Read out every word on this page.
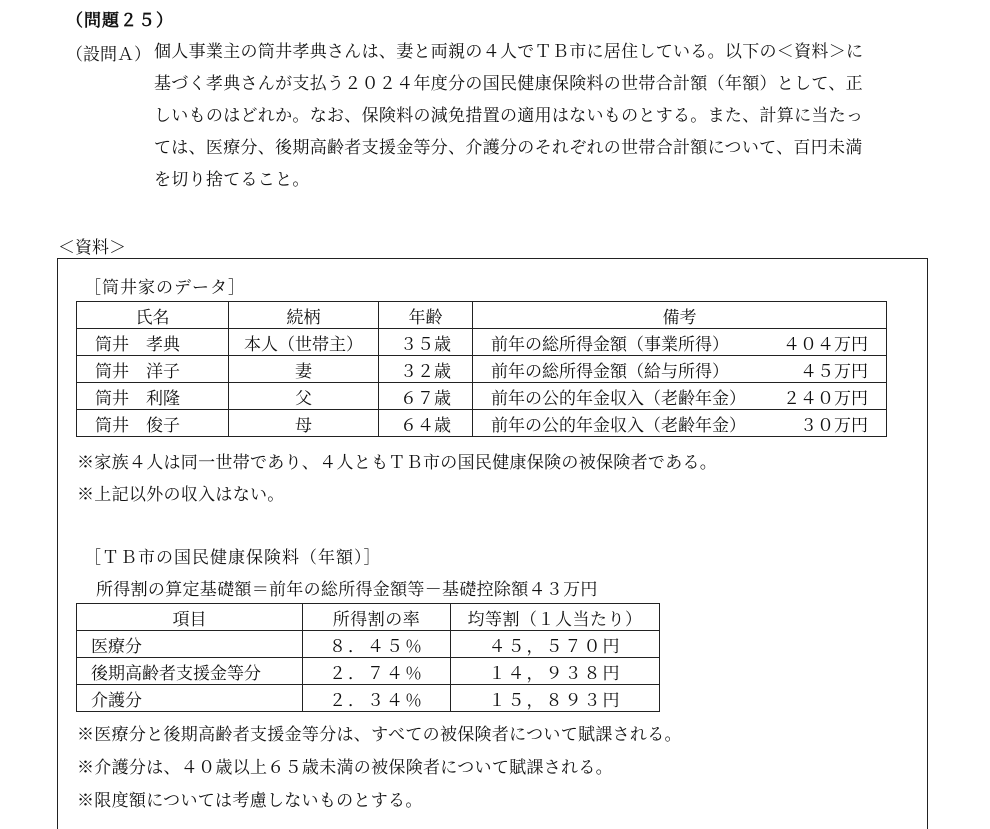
（問題２５）
（設問Ａ） 個人事業主の筒井孝典さんは、妻と両親の４人でＴＢ市に居住している。以下の＜資料＞に
基づく孝典さんが支払う２０２４年度分の国民健康保険料の世帯合計額（年額）として、正
しいものはどれか。なお、保険料の減免措置の適用はないものとする。また、計算に当たっ
ては、医療分、後期高齢者支援金等分、介護分のそれぞれの世帯合計額について、百円未満
を切り捨てること。
＜資料＞
［筒井家のデータ］
氏名	続柄	年齢	備考
筒井　孝典	本人（世帯主）	３５歳	前年の総所得金額（事業所得） ４０４万円

筒井　洋子	妻	３２歳	前年の総所得金額（給与所得） ４５万円

筒井　利隆	父	６７歳	前年の公的年金収入（老齢年金） ２４０万円

筒井　俊子	母	６４歳	前年の公的年金収入（老齢年金） ３０万円
※家族４人は同一世帯であり、４人ともＴＢ市の国民健康保険の被保険者である。
※上記以外の収入はない。
［ＴＢ市の国民健康保険料（年額）］
所得割の算定基礎額＝前年の総所得金額等－基礎控除額４３万円
項目	所得割の率	均等割（１人当たり）
医療分	８．４５％	４５，５７０円
後期高齢者支援金等分	２．７４％	１４，９３８円
介護分	２．３４％	１５，８９３円
※医療分と後期高齢者支援金等分は、すべての被保険者について賦課される。
※介護分は、４０歳以上６５歳未満の被保険者について賦課される。
※限度額については考慮しないものとする。
